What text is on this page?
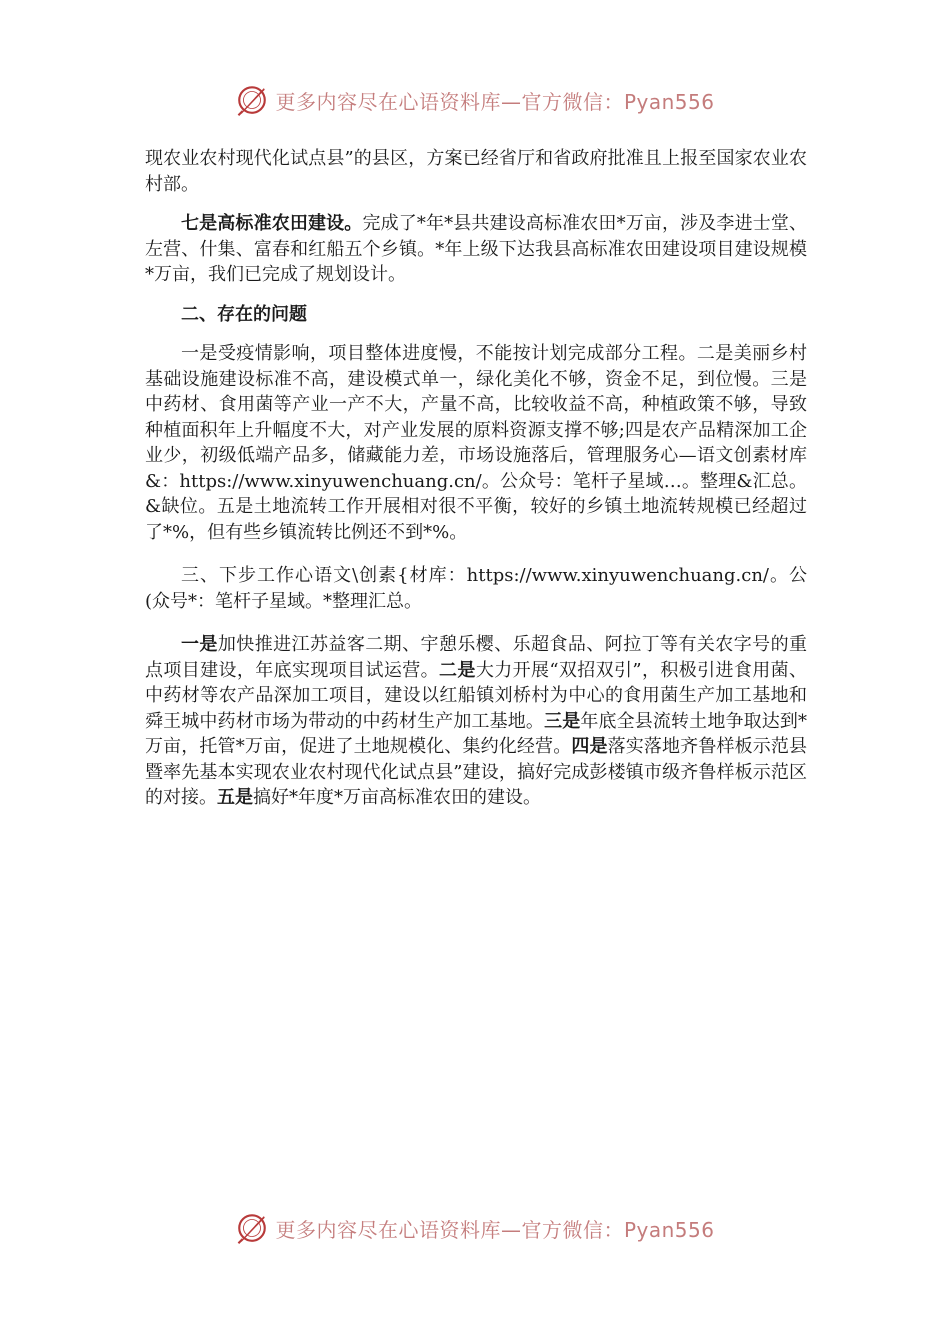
更多内容尽在心语资料库—官方微信：Pyan556

现农业农村现代化试点县”的县区，方案已经省厅和省政府批准且上报至国家农业农村部。

七是高标准农田建设。完成了*年*县共建设高标准农田*万亩，涉及李进士堂、左营、什集、富春和红船五个乡镇。*年上级下达我县高标准农田建设项目建设规模*万亩，我们已完成了规划设计。

二、存在的问题

一是受疫情影响，项目整体进度慢，不能按计划完成部分工程。二是美丽乡村基础设施建设标准不高，建设模式单一，绿化美化不够，资金不足，到位慢。三是中药材、食用菌等产业一产不大，产量不高，比较收益不高，种植政策不够，导致种植面积年上升幅度不大，对产业发展的原料资源支撑不够;四是农产品精深加工企业少，初级低端产品多，储藏能力差，市场设施落后，管理服务心—语文创素材库&：https://www.xinyuwenchuang.cn/。公众号：笔杆子星域…。整理&汇总。&缺位。五是土地流转工作开展相对很不平衡，较好的乡镇土地流转规模已经超过了*%，但有些乡镇流转比例还不到*%。

三、下步工作心语文\创素{材库：https://www.xinyuwenchuang.cn/。公(众号*：笔杆子星域。*整理汇总。

一是加快推进江苏益客二期、宇憩乐樱、乐超食品、阿拉丁等有关农字号的重点项目建设，年底实现项目试运营。二是大力开展“双招双引”，积极引进食用菌、中药材等农产品深加工项目，建设以红船镇刘桥村为中心的食用菌生产加工基地和舜王城中药材市场为带动的中药材生产加工基地。三是年底全县流转土地争取达到*万亩，托管*万亩，促进了土地规模化、集约化经营。四是落实落地齐鲁样板示范县暨率先基本实现农业农村现代化试点县”建设，搞好完成彭楼镇市级齐鲁样板示范区的对接。五是搞好*年度*万亩高标准农田的建设。

更多内容尽在心语资料库—官方微信：Pyan556
